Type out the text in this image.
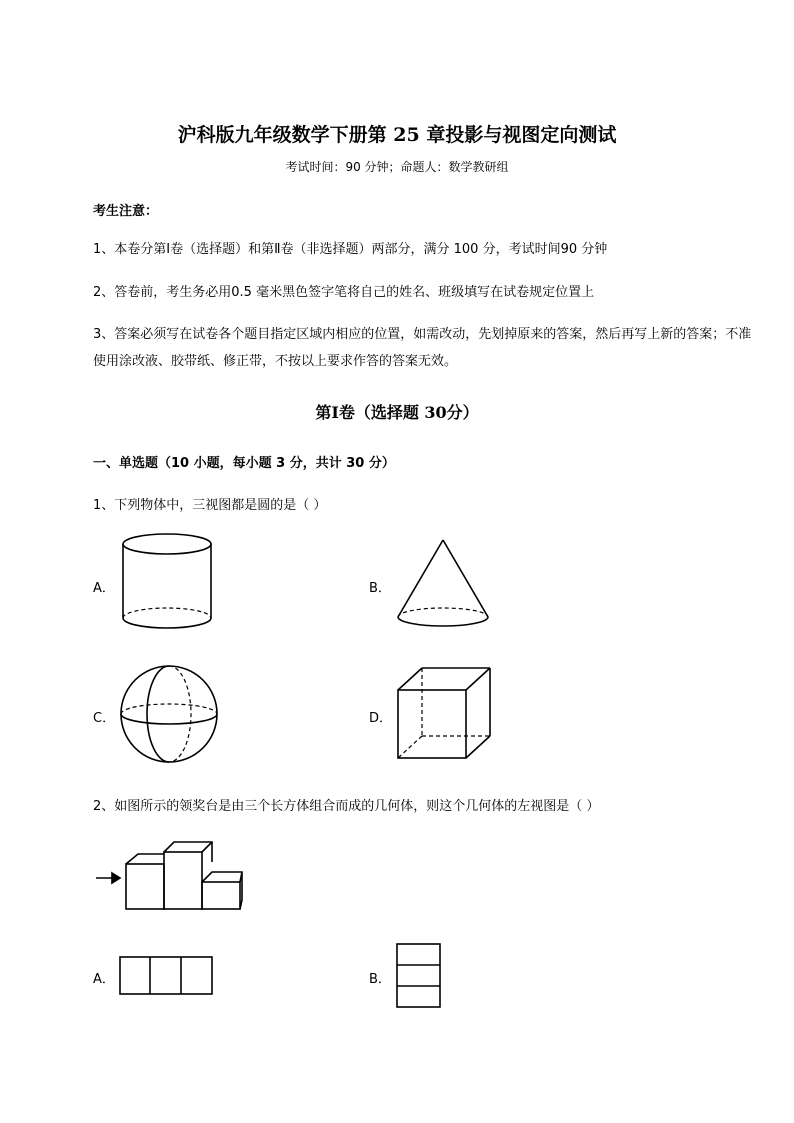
沪科版九年级数学下册第 25 章投影与视图定向测试
考试时间：90 分钟；命题人：数学教研组
考生注意：
1、本卷分第Ⅰ卷（选择题）和第Ⅱ卷（非选择题）两部分，满分 100 分，考试时间90 分钟
2、答卷前，考生务必用0.5 毫米黑色签字笔将自己的姓名、班级填写在试卷规定位置上
3、答案必须写在试卷各个题目指定区域内相应的位置，如需改动，先划掉原来的答案，然后再写上新的答案；不准使用涂改液、胶带纸、修正带，不按以上要求作答的答案无效。
第Ⅰ卷（选择题 30分）
一、单选题（10 小题，每小题 3 分，共计 30 分）
1、下列物体中，三视图都是圆的是（ ）
A．	B．
C．	D．
2、如图所示的领奖台是由三个长方体组合而成的几何体，则这个几何体的左视图是（ ）
A．	B．
